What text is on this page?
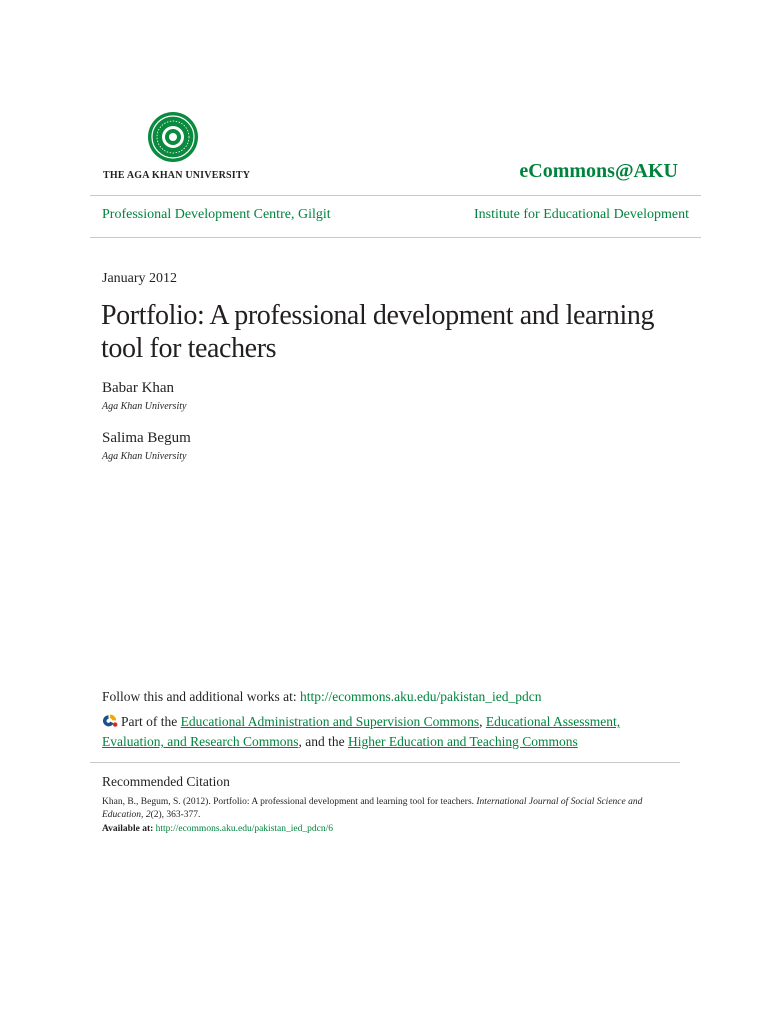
THE AGA KHAN UNIVERSITY	eCommons@AKU
Professional Development Centre, Gilgit	Institute for Educational Development
January 2012
Portfolio: A professional development and learning tool for teachers
Babar Khan
Aga Khan University
Salima Begum
Aga Khan University
Follow this and additional works at: http://ecommons.aku.edu/pakistan_ied_pdcn
Part of the Educational Administration and Supervision Commons, Educational Assessment, Evaluation, and Research Commons, and the Higher Education and Teaching Commons
Recommended Citation
Khan, B., Begum, S. (2012). Portfolio: A professional development and learning tool for teachers. International Journal of Social Science and Education, 2(2), 363-377.
Available at: http://ecommons.aku.edu/pakistan_ied_pdcn/6
